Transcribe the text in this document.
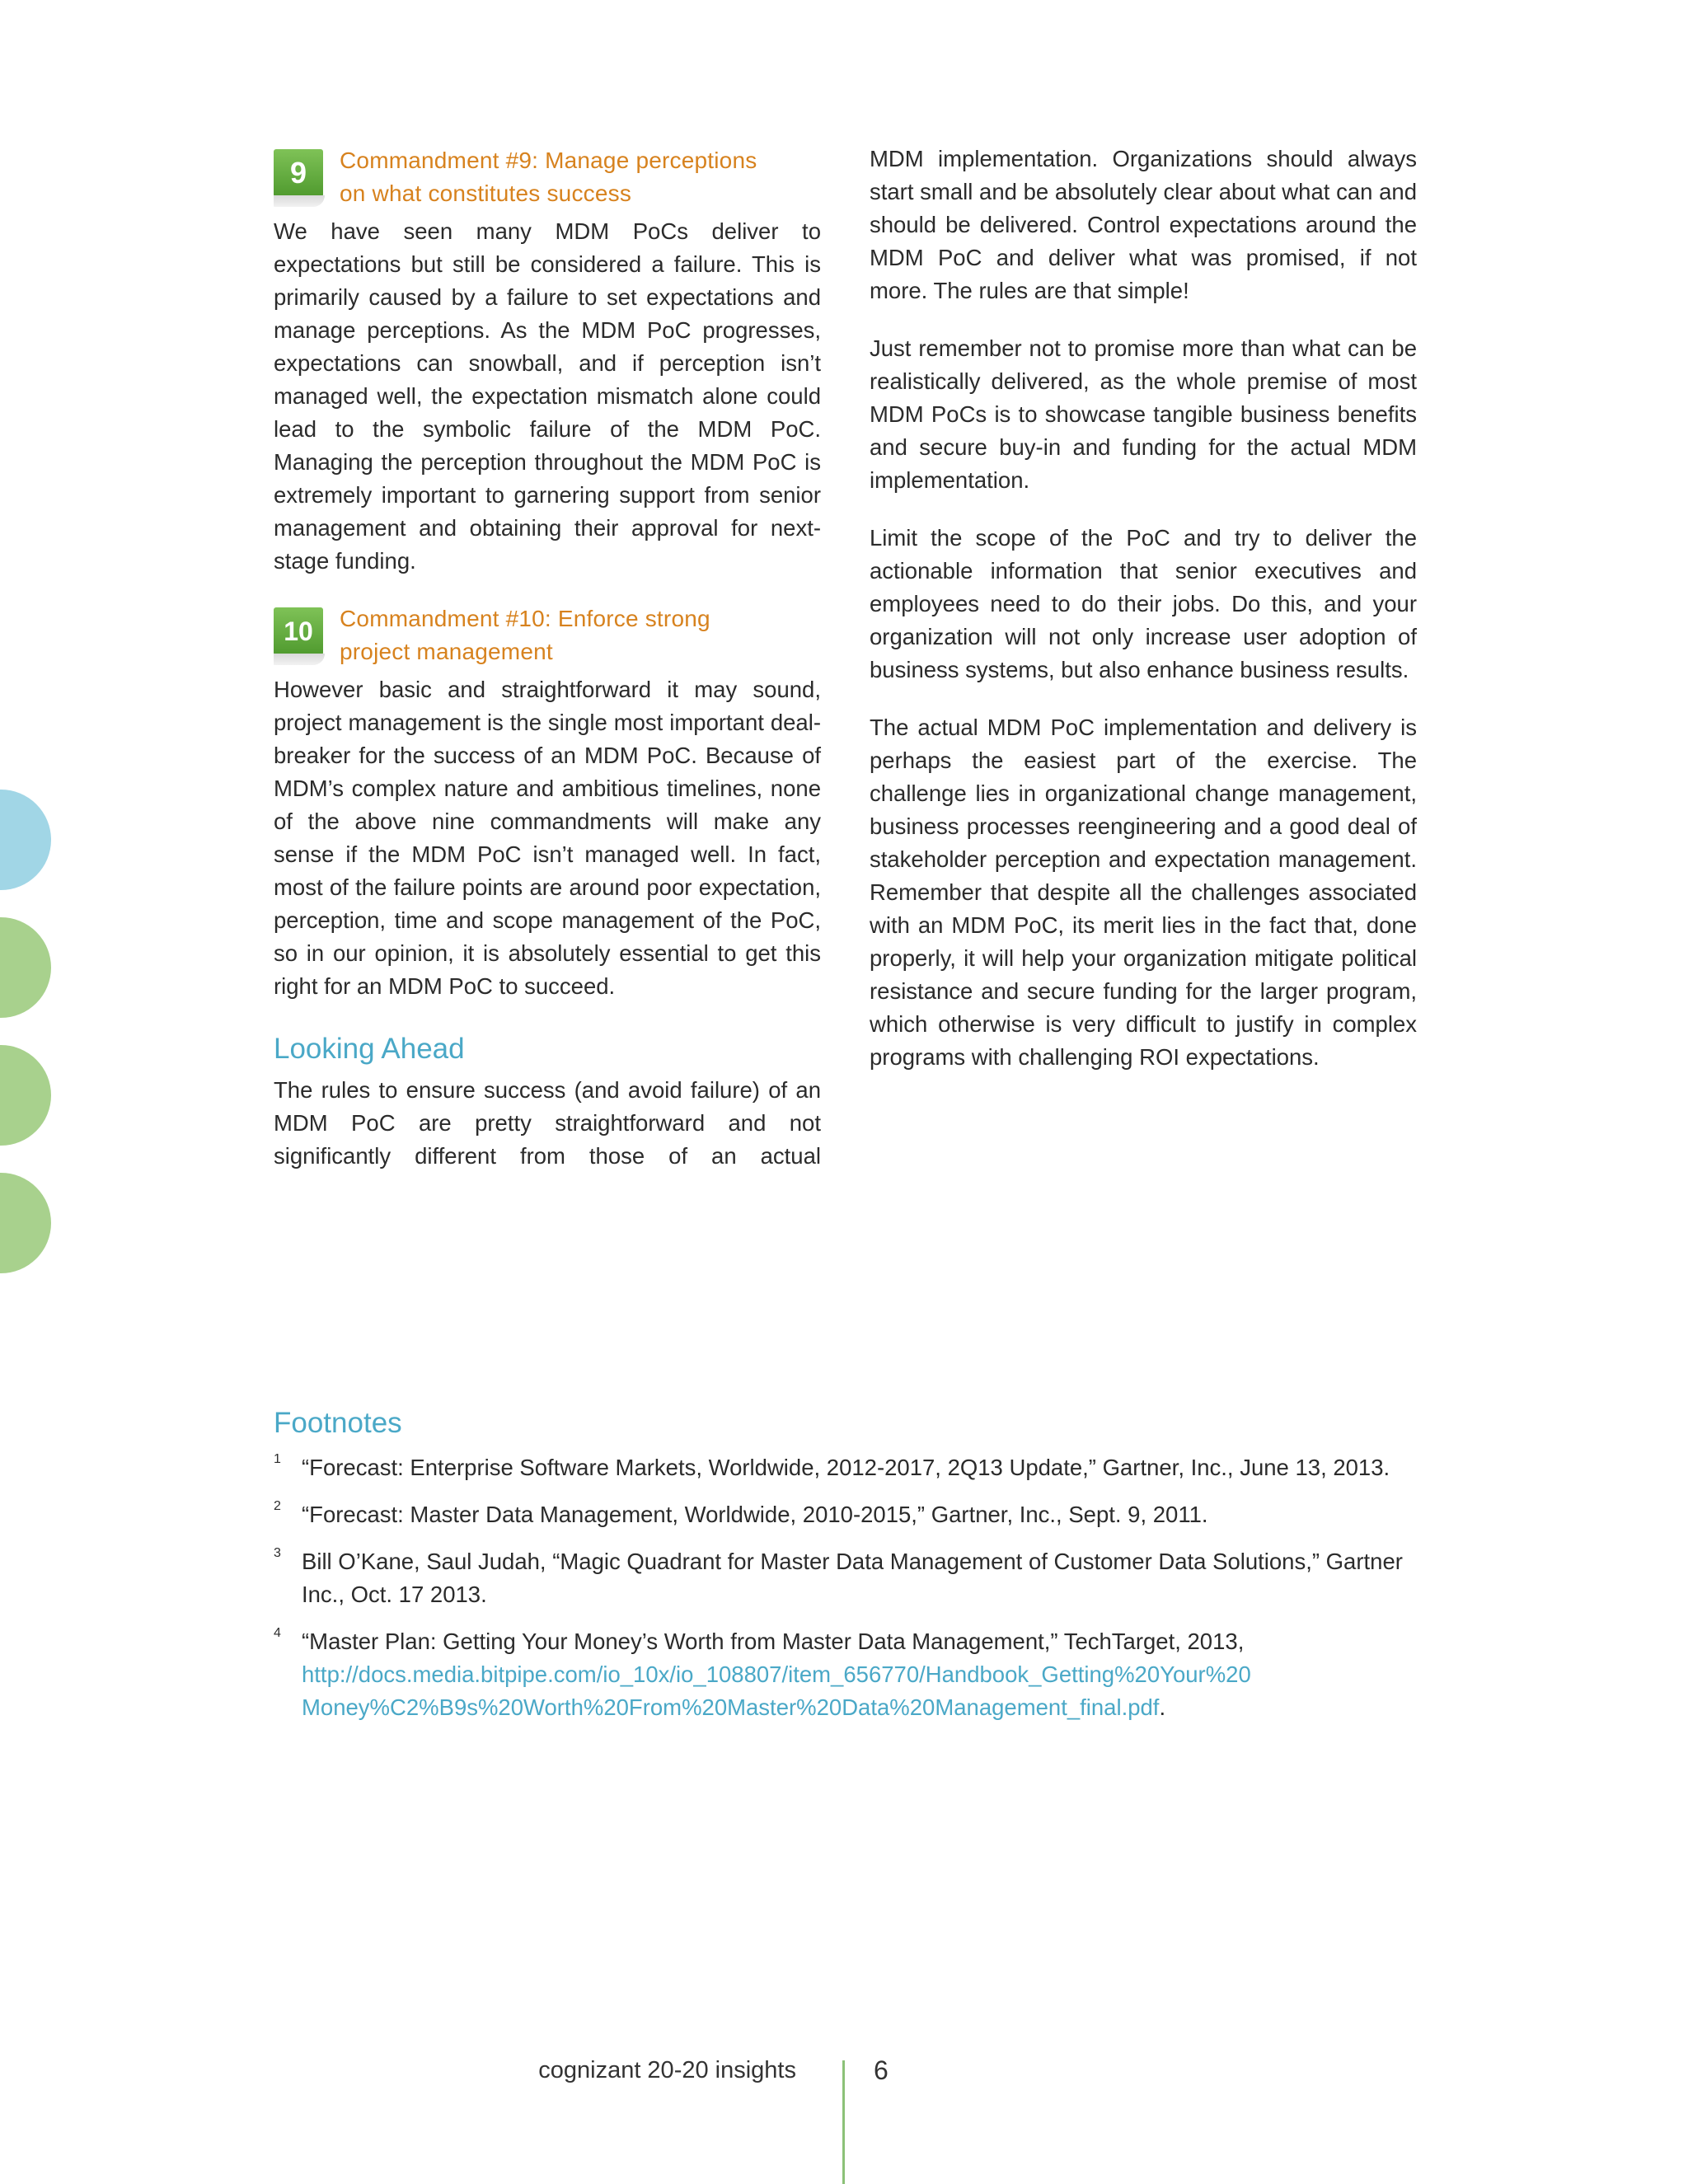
9	Commandment #9: Manage perceptions
on what constitutes success

We have seen many MDM PoCs deliver to expectations but still be considered a failure. This is primarily caused by a failure to set expectations and manage perceptions. As the MDM PoC progresses, expectations can snowball, and if perception isn’t managed well, the expectation mismatch alone could lead to the symbolic failure of the MDM PoC. Managing the perception throughout the MDM PoC is extremely important to garnering support from senior management and obtaining their approval for next-stage funding.

10	Commandment #10: Enforce strong
project management

However basic and straightforward it may sound, project management is the single most important deal-breaker for the success of an MDM PoC. Because of MDM’s complex nature and ambitious timelines, none of the above nine commandments will make any sense if the MDM PoC isn’t managed well. In fact, most of the failure points are around poor expectation, perception, time and scope management of the PoC, so in our opinion, it is absolutely essential to get this right for an MDM PoC to succeed.

Looking Ahead

The rules to ensure success (and avoid failure) of an MDM PoC are pretty straightforward and not significantly different from those of an actual

MDM implementation. Organizations should always start small and be absolutely clear about what can and should be delivered. Control expectations around the MDM PoC and deliver what was promised, if not more. The rules are that simple!

Just remember not to promise more than what can be realistically delivered, as the whole premise of most MDM PoCs is to showcase tangible business benefits and secure buy-in and funding for the actual MDM implementation.

Limit the scope of the PoC and try to deliver the actionable information that senior executives and employees need to do their jobs. Do this, and your organization will not only increase user adoption of business systems, but also enhance business results.

The actual MDM PoC implementation and delivery is perhaps the easiest part of the exercise. The challenge lies in organizational change management, business processes reengineering and a good deal of stakeholder perception and expectation management. Remember that despite all the challenges associated with an MDM PoC, its merit lies in the fact that, done properly, it will help your organization mitigate political resistance and secure funding for the larger program, which otherwise is very difficult to justify in complex programs with challenging ROI expectations.

Footnotes
1 “Forecast: Enterprise Software Markets, Worldwide, 2012-2017, 2Q13 Update,” Gartner, Inc., June 13, 2013.
2 “Forecast: Master Data Management, Worldwide, 2010-2015,” Gartner, Inc., Sept. 9, 2011.
3 Bill O’Kane, Saul Judah, “Magic Quadrant for Master Data Management of Customer Data Solutions,” Gartner Inc., Oct. 17 2013.
4 “Master Plan: Getting Your Money’s Worth from Master Data Management,” TechTarget, 2013,
http://docs.media.bitpipe.com/io_10x/io_108807/item_656770/Handbook_Getting%20Your%20
Money%C2%B9s%20Worth%20From%20Master%20Data%20Management_final.pdf.
cognizant 20-20 insights	6
